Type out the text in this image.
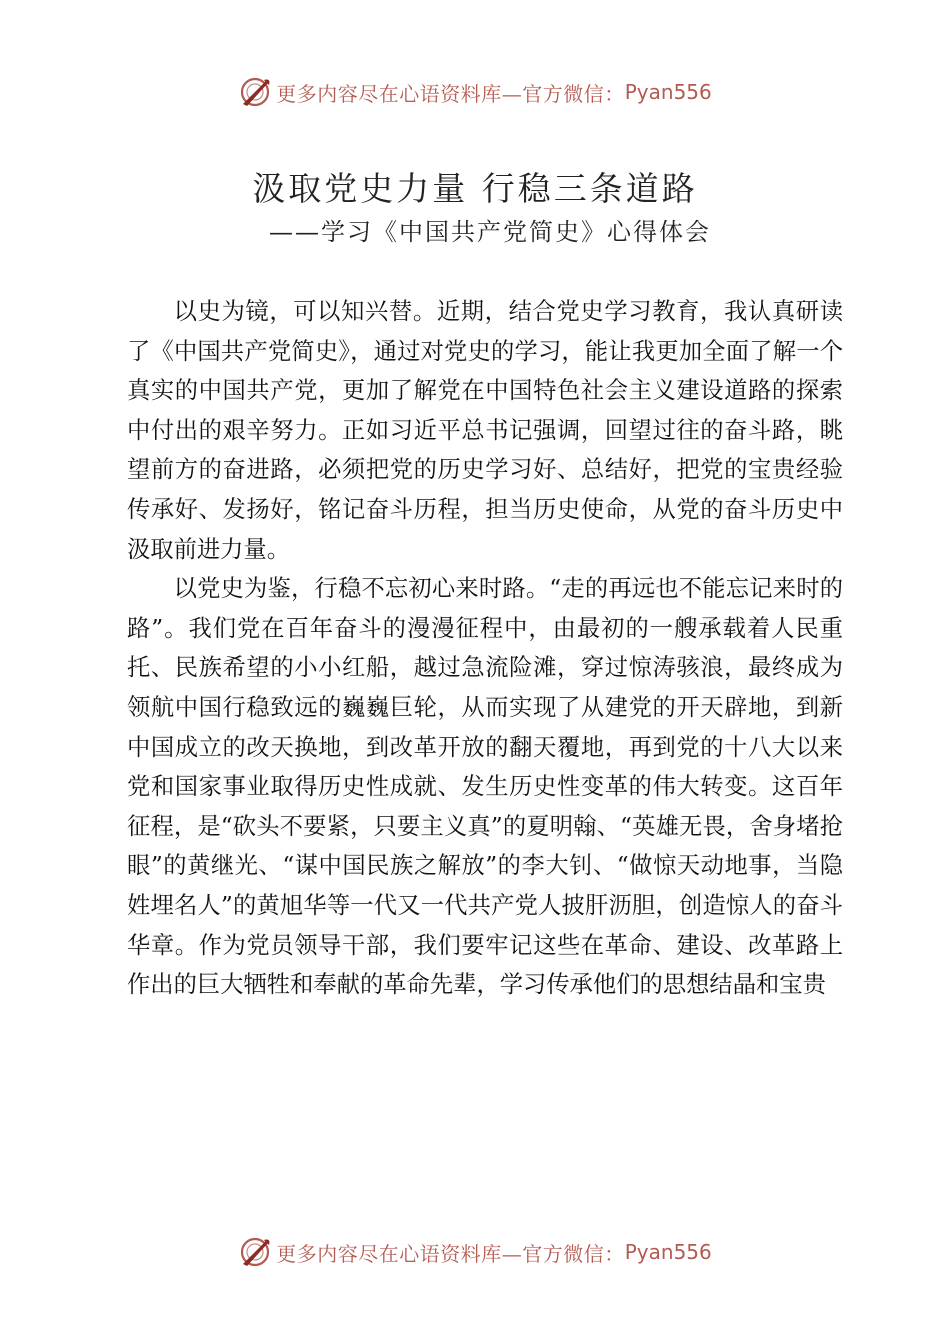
更多内容尽在心语资料库—官方微信： Pyan556
汲取党史力量 行稳三条道路
——学习《中国共产党简史》心得体会

以史为镜，可以知兴替。近期，结合党史学习教育，我认真研读了《中国共产党简史》，通过对党史的学习，能让我更加全面了解一个真实的中国共产党，更加了解党在中国特色社会主义建设道路的探索中付出的艰辛努力。正如习近平总书记强调，回望过往的奋斗路，眺望前方的奋进路，必须把党的历史学习好、总结好，把党的宝贵经验传承好、发扬好，铭记奋斗历程，担当历史使命，从党的奋斗历史中汲取前进力量。

以党史为鉴，行稳不忘初心来时路。“走的再远也不能忘记来时的路”。我们党在百年奋斗的漫漫征程中，由最初的一艘承载着人民重托、民族希望的小小红船，越过急流险滩，穿过惊涛骇浪，最终成为领航中国行稳致远的巍巍巨轮，从而实现了从建党的开天辟地，到新中国成立的改天换地，到改革开放的翻天覆地，再到党的十八大以来党和国家事业取得历史性成就、发生历史性变革的伟大转变。这百年征程，是“砍头不要紧，只要主义真”的夏明翰、“英雄无畏，舍身堵抢眼”的黄继光、“谋中国民族之解放”的李大钊、“做惊天动地事，当隐姓埋名人”的黄旭华等一代又一代共产党人披肝沥胆，创造惊人的奋斗华章。作为党员领导干部，我们要牢记这些在革命、建设、改革路上作出的巨大牺牲和奉献的革命先辈，学习传承他们的思想结晶和宝贵

更多内容尽在心语资料库—官方微信： Pyan556
